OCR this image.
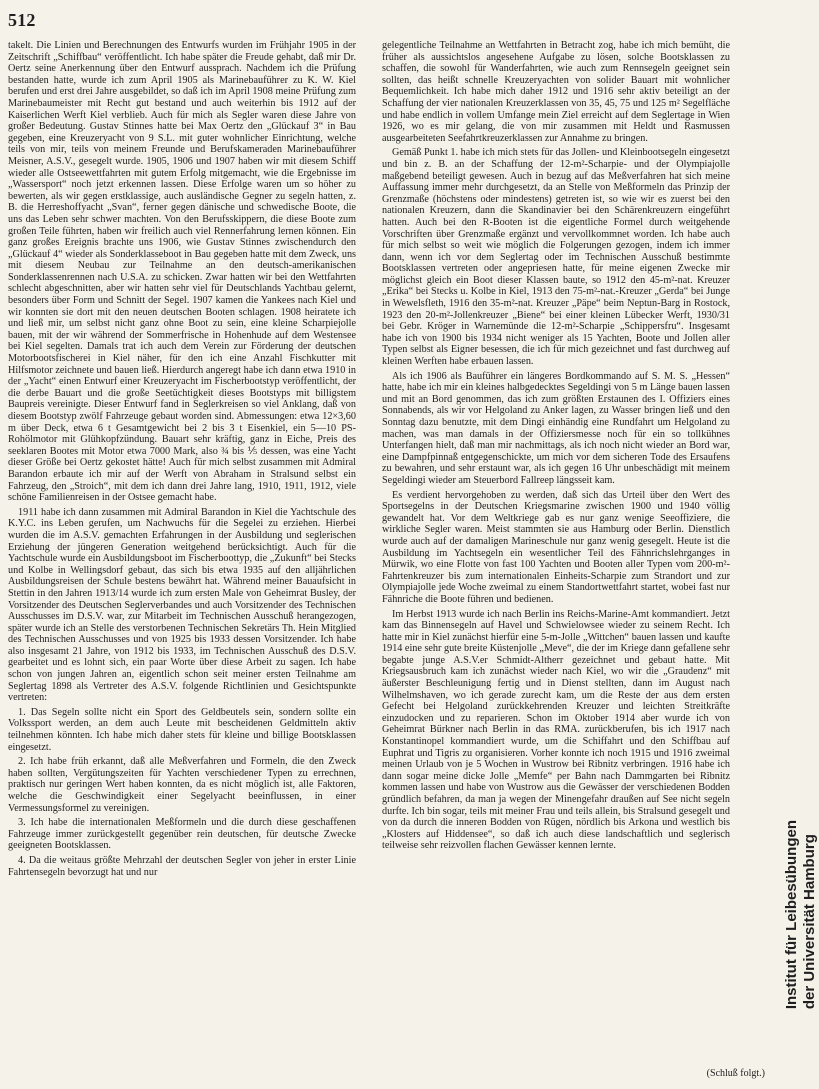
512

takelt. Die Linien und Berechnungen des Entwurfs wurden im Frühjahr 1905 in der Zeitschrift „Schiffbau“ veröffentlicht. Ich habe später die Freude gehabt, daß mir Dr. Oertz seine Anerkennung über den Entwurf aussprach. Nachdem ich die Prüfung bestanden hatte, wurde ich zum April 1905 als Marinebauführer zu K. W. Kiel berufen und erst drei Jahre ausgebildet, so daß ich im April 1908 meine Prüfung zum Marinebaumeister mit Recht gut bestand und auch weiterhin bis 1912 auf der Kaiserlichen Werft Kiel verblieb. Auch für mich als Segler waren diese Jahre von großer Bedeutung. Gustav Stinnes hatte bei Max Oertz den „Glückauf 3“ in Bau gegeben, eine Kreuzeryacht von 9 S.L. mit guter wohnlicher Einrichtung, welche teils von mir, teils von meinem Freunde und Berufskameraden Marinebauführer Meisner, A.S.V., gesegelt wurde. 1905, 1906 und 1907 haben wir mit diesem Schiff wieder alle Ostseewettfahrten mit gutem Erfolg mitgemacht, wie die Ergebnisse im „Wassersport“ noch jetzt erkennen lassen. Diese Erfolge waren um so höher zu bewerten, als wir gegen erstklassige, auch ausländische Gegner zu segeln hatten, z. B. die Herreshoffyacht „Svan“, ferner gegen dänische und schwedische Boote, die uns das Leben sehr schwer machten. Von den Berufsskippern, die diese Boote zum großen Teile führten, haben wir freilich auch viel Rennerfahrung lernen können. Ein ganz großes Ereignis brachte uns 1906, wie Gustav Stinnes zwischendurch den „Glückauf 4“ wieder als Sonderklasseboot in Bau gegeben hatte mit dem Zweck, uns mit diesem Neubau zur Teilnahme an den deutsch-amerikanischen Sonderklassenrennen nach U.S.A. zu schicken. Zwar hatten wir bei den Wettfahrten schlecht abgeschnitten, aber wir hatten sehr viel für Deutschlands Yachtbau gelernt, besonders über Form und Schnitt der Segel. 1907 kamen die Yankees nach Kiel und wir konnten sie dort mit den neuen deutschen Booten schlagen. 1908 heiratete ich und ließ mir, um selbst nicht ganz ohne Boot zu sein, eine kleine Scharpiejolle bauen, mit der wir während der Sommerfrische in Hohenhude auf dem Westensee bei Kiel segelten. Damals trat ich auch dem Verein zur Förderung der deutschen Motorbootsfischerei in Kiel näher, für den ich eine Anzahl Fischkutter mit Hilfsmotor zeichnete und bauen ließ. Hierdurch angeregt habe ich dann etwa 1910 in der „Yacht“ einen Entwurf einer Kreuzeryacht im Fischerbootstyp veröffentlicht, der die derbe Bauart und die große Seetüchtigkeit dieses Bootstyps mit billigstem Baupreis vereinigte. Dieser Entwurf fand in Seglerkreisen so viel Anklang, daß von diesem Bootstyp zwölf Fahrzeuge gebaut worden sind. Abmessungen: etwa 12×3,60 m über Deck, etwa 6 t Gesamtgewicht bei 2 bis 3 t Eisenkiel, ein 5—10 PS-Rohölmotor mit Glühkopfzündung. Bauart sehr kräftig, ganz in Eiche, Preis des seeklaren Bootes mit Motor etwa 7000 Mark, also ¾ bis ⅕ dessen, was eine Yacht dieser Größe bei Oertz gekostet hätte! Auch für mich selbst zusammen mit Admiral Barandon erbaute ich mir auf der Werft von Abraham in Stralsund selbst ein Fahrzeug, den „Stroich“, mit dem ich dann drei Jahre lang, 1910, 1911, 1912, viele schöne Familienreisen in der Ostsee gemacht habe.

1911 habe ich dann zusammen mit Admiral Barandon in Kiel die Yachtschule des K.Y.C. ins Leben gerufen, um Nachwuchs für die Segelei zu erziehen. Hierbei wurden die im A.S.V. gemachten Erfahrungen in der Ausbildung und seglerischen Erziehung der jüngeren Generation weitgehend berücksichtigt. Auch für die Yachtschule wurde ein Ausbildungsboot im Fischerboottyp, die „Zukunft“ bei Stecks und Kolbe in Wellingsdorf gebaut, das sich bis etwa 1935 auf den alljährlichen Ausbildungsreisen der Schule bestens bewährt hat. Während meiner Bauaufsicht in Stettin in den Jahren 1913/14 wurde ich zum ersten Male von Geheimrat Busley, der Vorsitzender des Deutschen Seglerverbandes und auch Vorsitzender des Technischen Ausschusses im D.S.V. war, zur Mitarbeit im Technischen Ausschuß herangezogen, später wurde ich an Stelle des verstorbenen Technischen Sekretärs Th. Hein Mitglied des Technischen Ausschusses und von 1925 bis 1933 dessen Vorsitzender. Ich habe also insgesamt 21 Jahre, von 1912 bis 1933, im Technischen Ausschuß des D.S.V. gearbeitet und es lohnt sich, ein paar Worte über diese Arbeit zu sagen. Ich habe schon von jungen Jahren an, eigentlich schon seit meiner ersten Teilnahme am Seglertag 1898 als Vertreter des A.S.V. folgende Richtlinien und Gesichtspunkte vertreten:

1. Das Segeln sollte nicht ein Sport des Geldbeutels sein, sondern sollte ein Volkssport werden, an dem auch Leute mit bescheidenen Geldmitteln aktiv teilnehmen könnten. Ich habe mich daher stets für kleine und billige Bootsklassen eingesetzt.

2. Ich habe früh erkannt, daß alle Meßverfahren und Formeln, die den Zweck haben sollten, Vergütungszeiten für Yachten verschiedener Typen zu errechnen, praktisch nur geringen Wert haben konnten, da es nicht möglich ist, alle Faktoren, welche die Geschwindigkeit einer Segelyacht beeinflussen, in einer Vermessungsformel zu vereinigen.

3. Ich habe die internationalen Meßformeln und die durch diese geschaffenen Fahrzeuge immer zurückgestellt gegenüber rein deutschen, für deutsche Zwecke geeigneten Bootsklassen.

4. Da die weitaus größte Mehrzahl der deutschen Segler von jeher in erster Linie Fahrtensegeln bevorzugt hat und nur

gelegentliche Teilnahme an Wettfahrten in Betracht zog, habe ich mich bemüht, die früher als aussichtslos angesehene Aufgabe zu lösen, solche Bootsklassen zu schaffen, die sowohl für Wanderfahrten, wie auch zum Rennsegeln geeignet sein sollten, das heißt schnelle Kreuzeryachten von solider Bauart mit wohnlicher Bequemlichkeit. Ich habe mich daher 1912 und 1916 sehr aktiv beteiligt an der Schaffung der vier nationalen Kreuzerklassen von 35, 45, 75 und 125 m² Segelfläche und habe endlich in vollem Umfange mein Ziel erreicht auf dem Seglertage in Wien 1926, wo es mir gelang, die von mir zusammen mit Heldt und Rasmussen ausgearbeiteten Seefahrtkreuzerklassen zur Annahme zu bringen.

Gemäß Punkt 1. habe ich mich stets für das Jollen- und Kleinbootsegeln eingesetzt und bin z. B. an der Schaffung der 12-m²-Scharpie- und der Olympiajolle maßgebend beteiligt gewesen. Auch in bezug auf das Meßverfahren hat sich meine Auffassung immer mehr durchgesetzt, da an Stelle von Meßformeln das Prinzip der Grenzmaße (höchstens oder mindestens) getreten ist, so wie wir es zuerst bei den nationalen Kreuzern, dann die Skandinavier bei den Schärenkreuzern eingeführt hatten. Auch bei den R-Booten ist die eigentliche Formel durch weitgehende Vorschriften über Grenzmaße ergänzt und vervollkommnet worden. Ich habe auch für mich selbst so weit wie möglich die Folgerungen gezogen, indem ich immer dann, wenn ich vor dem Seglertag oder im Technischen Ausschuß bestimmte Bootsklassen vertreten oder angepriesen hatte, für meine eigenen Zwecke mir möglichst gleich ein Boot dieser Klassen baute, so 1912 den 45-m²-nat. Kreuzer „Erika“ bei Stecks u. Kolbe in Kiel, 1913 den 75-m²-nat.-Kreuzer „Gerda“ bei Junge in Wewelsfleth, 1916 den 35-m²-nat. Kreuzer „Päpe“ beim Neptun-Barg in Rostock, 1923 den 20-m²-Jollenkreuzer „Biene“ bei einer kleinen Lübecker Werft, 1930/31 bei Gebr. Kröger in Warnemünde die 12-m²-Scharpie „Schippersfru“. Insgesamt habe ich von 1900 bis 1934 nicht weniger als 15 Yachten, Boote und Jollen aller Typen selbst als Eigner besessen, die ich für mich gezeichnet und fast durchweg auf kleinen Werften habe erbauen lassen.

Als ich 1906 als Bauführer ein längeres Bordkommando auf S. M. S. „Hessen“ hatte, habe ich mir ein kleines halbgedecktes Segeldingi von 5 m Länge bauen lassen und mit an Bord genommen, das ich zum größten Erstaunen des I. Offiziers eines Sonnabends, als wir vor Helgoland zu Anker lagen, zu Wasser bringen ließ und den Sonntag dazu benutzte, mit dem Dingi einhändig eine Rundfahrt um Helgoland zu machen, was man damals in der Offiziersmesse noch für ein so tollkühnes Unterfangen hielt, daß man mir nachmittags, als ich noch nicht wieder an Bord war, eine Dampfpinnaß entgegenschickte, um mich vor dem sicheren Tode des Ersaufens zu bewahren, und sehr erstaunt war, als ich gegen 16 Uhr unbeschädigt mit meinem Segeldingi wieder am Steuerbord Fallreep längsseit kam.

Es verdient hervorgehoben zu werden, daß sich das Urteil über den Wert des Sportsegelns in der Deutschen Kriegsmarine zwischen 1900 und 1940 völlig gewandelt hat. Vor dem Weltkriege gab es nur ganz wenige Seeoffiziere, die wirkliche Segler waren. Meist stammten sie aus Hamburg oder Berlin. Dienstlich wurde auch auf der damaligen Marineschule nur ganz wenig gesegelt. Heute ist die Ausbildung im Yachtsegeln ein wesentlicher Teil des Fähnrichslehrganges in Mürwik, wo eine Flotte von fast 100 Yachten und Booten aller Typen vom 200-m²-Fahrtenkreuzer bis zum internationalen Einheits-Scharpie zum Strandort und zur Olympiajolle jede Woche zweimal zu einem Standortwettfahrt startet, wobei fast nur Fähnriche die Boote führen und bedienen.

Im Herbst 1913 wurde ich nach Berlin ins Reichs-Marine-Amt kommandiert. Jetzt kam das Binnensegeln auf Havel und Schwielowsee wieder zu seinem Recht. Ich hatte mir in Kiel zunächst hierfür eine 5-m-Jolle „Wittchen“ bauen lassen und kaufte 1914 eine sehr gute breite Küstenjolle „Meve“, die der im Kriege dann gefallene sehr begabte junge A.S.V.er Schmidt-Altherr gezeichnet und gebaut hatte. Mit Kriegsausbruch kam ich zunächst wieder nach Kiel, wo wir die „Graudenz“ mit äußerster Beschleunigung fertig und in Dienst stellten, dann im August nach Wilhelmshaven, wo ich gerade zurecht kam, um die Reste der aus dem ersten Gefecht bei Helgoland zurückkehrenden Kreuzer und leichten Streitkräfte einzudocken und zu reparieren. Schon im Oktober 1914 aber wurde ich von Geheimrat Bürkner nach Berlin in das RMA. zurückberufen, bis ich 1917 nach Konstantinopel kommandiert wurde, um die Schiffahrt und den Schiffbau auf Euphrat und Tigris zu organisieren. Vorher konnte ich noch 1915 und 1916 zweimal meinen Urlaub von je 5 Wochen in Wustrow bei Ribnitz verbringen. 1916 habe ich dann sogar meine dicke Jolle „Memfe“ per Bahn nach Dammgarten bei Ribnitz kommen lassen und habe von Wustrow aus die Gewässer der verschiedenen Bodden gründlich befahren, da man ja wegen der Minengefahr draußen auf See nicht segeln durfte. Ich bin sogar, teils mit meiner Frau und teils allein, bis Stralsund gesegelt und von da durch die inneren Bodden von Rügen, nördlich bis Arkona und westlich bis „Klosters auf Hiddensee“, so daß ich auch diese landschaftlich und seglerisch teilweise sehr reizvollen flachen Gewässer kennen lernte.	Institut für Leibesübungen der Universität Hamburg
(Schluß folgt.)
